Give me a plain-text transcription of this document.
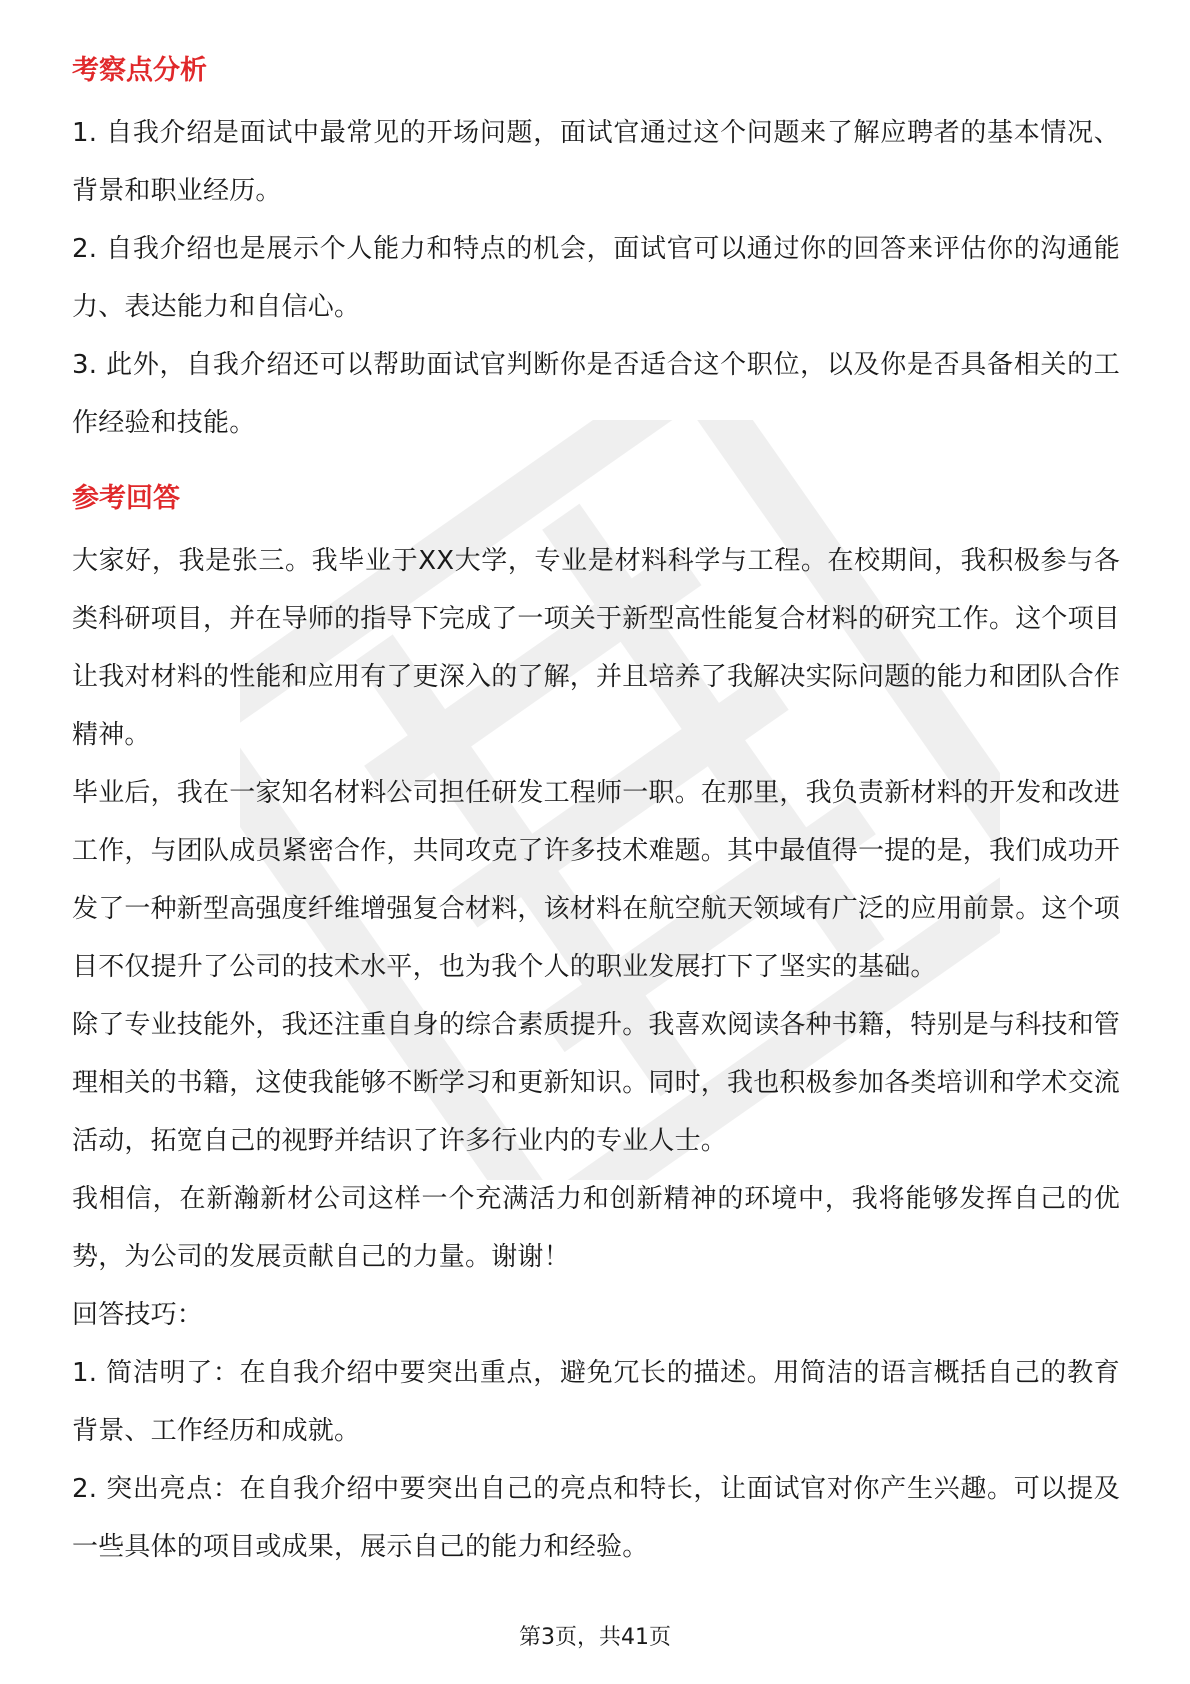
考察点分析

1. 自我介绍是面试中最常见的开场问题，面试官通过这个问题来了解应聘者的基本情况、背景和职业经历。

2. 自我介绍也是展示个人能力和特点的机会，面试官可以通过你的回答来评估你的沟通能力、表达能力和自信心。

3. 此外，自我介绍还可以帮助面试官判断你是否适合这个职位，以及你是否具备相关的工作经验和技能。

参考回答

大家好，我是张三。我毕业于XX大学，专业是材料科学与工程。在校期间，我积极参与各类科研项目，并在导师的指导下完成了一项关于新型高性能复合材料的研究工作。这个项目让我对材料的性能和应用有了更深入的了解，并且培养了我解决实际问题的能力和团队合作精神。

毕业后，我在一家知名材料公司担任研发工程师一职。在那里，我负责新材料的开发和改进工作，与团队成员紧密合作，共同攻克了许多技术难题。其中最值得一提的是，我们成功开发了一种新型高强度纤维增强复合材料，该材料在航空航天领域有广泛的应用前景。这个项目不仅提升了公司的技术水平，也为我个人的职业发展打下了坚实的基础。

除了专业技能外，我还注重自身的综合素质提升。我喜欢阅读各种书籍，特别是与科技和管理相关的书籍，这使我能够不断学习和更新知识。同时，我也积极参加各类培训和学术交流活动，拓宽自己的视野并结识了许多行业内的专业人士。

我相信，在新瀚新材公司这样一个充满活力和创新精神的环境中，我将能够发挥自己的优势，为公司的发展贡献自己的力量。谢谢！

回答技巧：

1. 简洁明了：在自我介绍中要突出重点，避免冗长的描述。用简洁的语言概括自己的教育背景、工作经历和成就。

2. 突出亮点：在自我介绍中要突出自己的亮点和特长，让面试官对你产生兴趣。可以提及一些具体的项目或成果，展示自己的能力和经验。

第3页，共41页
